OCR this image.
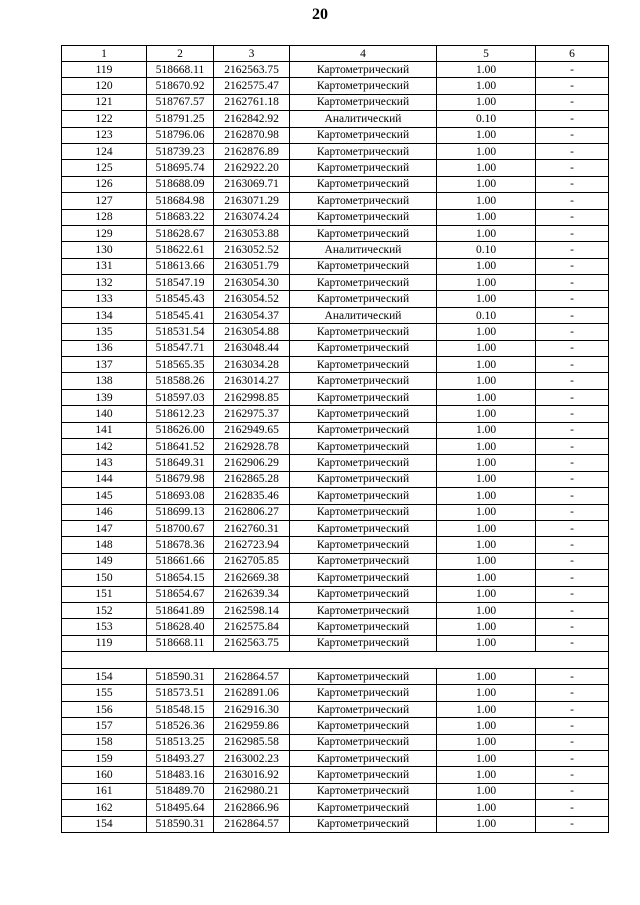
20
1	2	3	4	5	6
119	518668.11	2162563.75	Картометрический	1.00	-
120	518670.92	2162575.47	Картометрический	1.00	-
121	518767.57	2162761.18	Картометрический	1.00	-
122	518791.25	2162842.92	Аналитический	0.10	-
123	518796.06	2162870.98	Картометрический	1.00	-
124	518739.23	2162876.89	Картометрический	1.00	-
125	518695.74	2162922.20	Картометрический	1.00	-
126	518688.09	2163069.71	Картометрический	1.00	-
127	518684.98	2163071.29	Картометрический	1.00	-
128	518683.22	2163074.24	Картометрический	1.00	-
129	518628.67	2163053.88	Картометрический	1.00	-
130	518622.61	2163052.52	Аналитический	0.10	-
131	518613.66	2163051.79	Картометрический	1.00	-
132	518547.19	2163054.30	Картометрический	1.00	-
133	518545.43	2163054.52	Картометрический	1.00	-
134	518545.41	2163054.37	Аналитический	0.10	-
135	518531.54	2163054.88	Картометрический	1.00	-
136	518547.71	2163048.44	Картометрический	1.00	-
137	518565.35	2163034.28	Картометрический	1.00	-
138	518588.26	2163014.27	Картометрический	1.00	-
139	518597.03	2162998.85	Картометрический	1.00	-
140	518612.23	2162975.37	Картометрический	1.00	-
141	518626.00	2162949.65	Картометрический	1.00	-
142	518641.52	2162928.78	Картометрический	1.00	-
143	518649.31	2162906.29	Картометрический	1.00	-
144	518679.98	2162865.28	Картометрический	1.00	-
145	518693.08	2162835.46	Картометрический	1.00	-
146	518699.13	2162806.27	Картометрический	1.00	-
147	518700.67	2162760.31	Картометрический	1.00	-
148	518678.36	2162723.94	Картометрический	1.00	-
149	518661.66	2162705.85	Картометрический	1.00	-
150	518654.15	2162669.38	Картометрический	1.00	-
151	518654.67	2162639.34	Картометрический	1.00	-
152	518641.89	2162598.14	Картометрический	1.00	-
153	518628.40	2162575.84	Картометрический	1.00	-
119	518668.11	2162563.75	Картометрический	1.00	-

154	518590.31	2162864.57	Картометрический	1.00	-
155	518573.51	2162891.06	Картометрический	1.00	-
156	518548.15	2162916.30	Картометрический	1.00	-
157	518526.36	2162959.86	Картометрический	1.00	-
158	518513.25	2162985.58	Картометрический	1.00	-
159	518493.27	2163002.23	Картометрический	1.00	-
160	518483.16	2163016.92	Картометрический	1.00	-
161	518489.70	2162980.21	Картометрический	1.00	-
162	518495.64	2162866.96	Картометрический	1.00	-
154	518590.31	2162864.57	Картометрический	1.00	-
